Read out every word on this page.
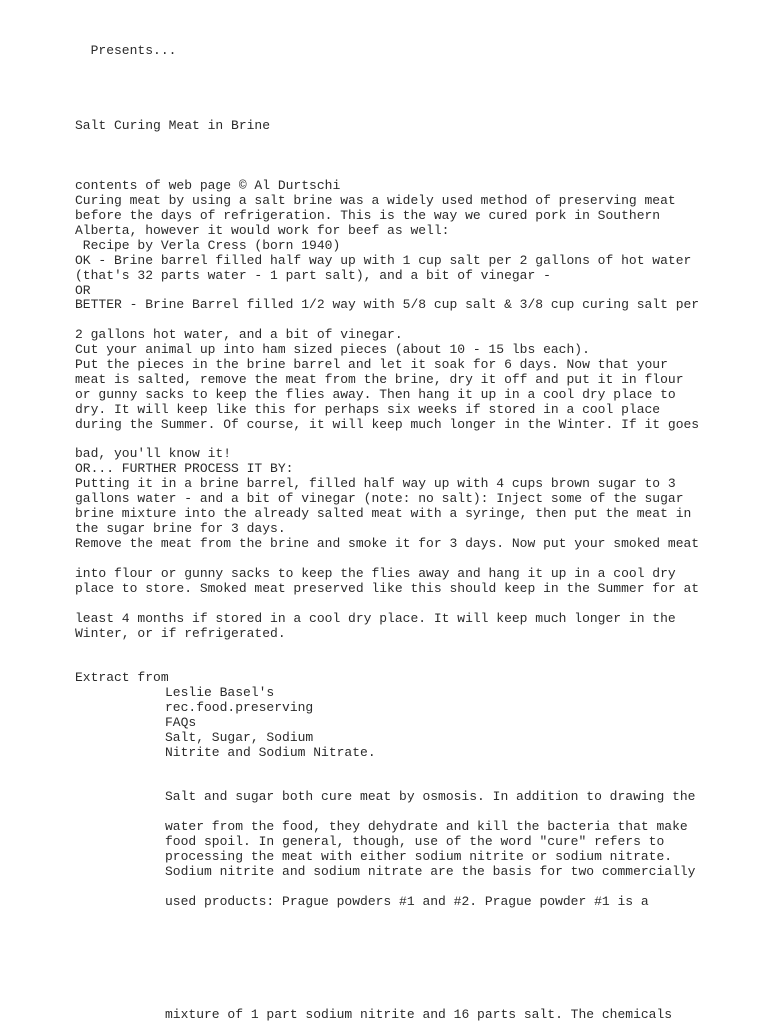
Presents...
Salt Curing Meat in Brine
contents of web page © Al Durtschi
Curing meat by using a salt brine was a widely used method of preserving meat
before the days of refrigeration. This is the way we cured pork in Southern
Alberta, however it would work for beef as well:
Recipe by Verla Cress (born 1940)
OK - Brine barrel filled half way up with 1 cup salt per 2 gallons of hot water
(that's 32 parts water - 1 part salt), and a bit of vinegar -
OR
BETTER - Brine Barrel filled 1/2 way with 5/8 cup salt & 3/8 cup curing salt per
2 gallons hot water, and a bit of vinegar.
Cut your animal up into ham sized pieces (about 10 - 15 lbs each).
Put the pieces in the brine barrel and let it soak for 6 days. Now that your
meat is salted, remove the meat from the brine, dry it off and put it in flour
or gunny sacks to keep the flies away. Then hang it up in a cool dry place to
dry. It will keep like this for perhaps six weeks if stored in a cool place
during the Summer. Of course, it will keep much longer in the Winter. If it goes
bad, you'll know it!
OR... FURTHER PROCESS IT BY:
Putting it in a brine barrel, filled half way up with 4 cups brown sugar to 3
gallons water - and a bit of vinegar (note: no salt): Inject some of the sugar
brine mixture into the already salted meat with a syringe, then put the meat in
the sugar brine for 3 days.
Remove the meat from the brine and smoke it for 3 days. Now put your smoked meat
into flour or gunny sacks to keep the flies away and hang it up in a cool dry
place to store. Smoked meat preserved like this should keep in the Summer for at
least 4 months if stored in a cool dry place. It will keep much longer in the
Winter, or if refrigerated.
Extract from
Leslie Basel's
rec.food.preserving
FAQs
Salt, Sugar, Sodium
Nitrite and Sodium Nitrate.
Salt and sugar both cure meat by osmosis. In addition to drawing the
water from the food, they dehydrate and kill the bacteria that make
food spoil. In general, though, use of the word "cure" refers to
processing the meat with either sodium nitrite or sodium nitrate.
Sodium nitrite and sodium nitrate are the basis for two commercially
used products: Prague powders #1 and #2. Prague powder #1 is a
mixture of 1 part sodium nitrite and 16 parts salt. The chemicals
